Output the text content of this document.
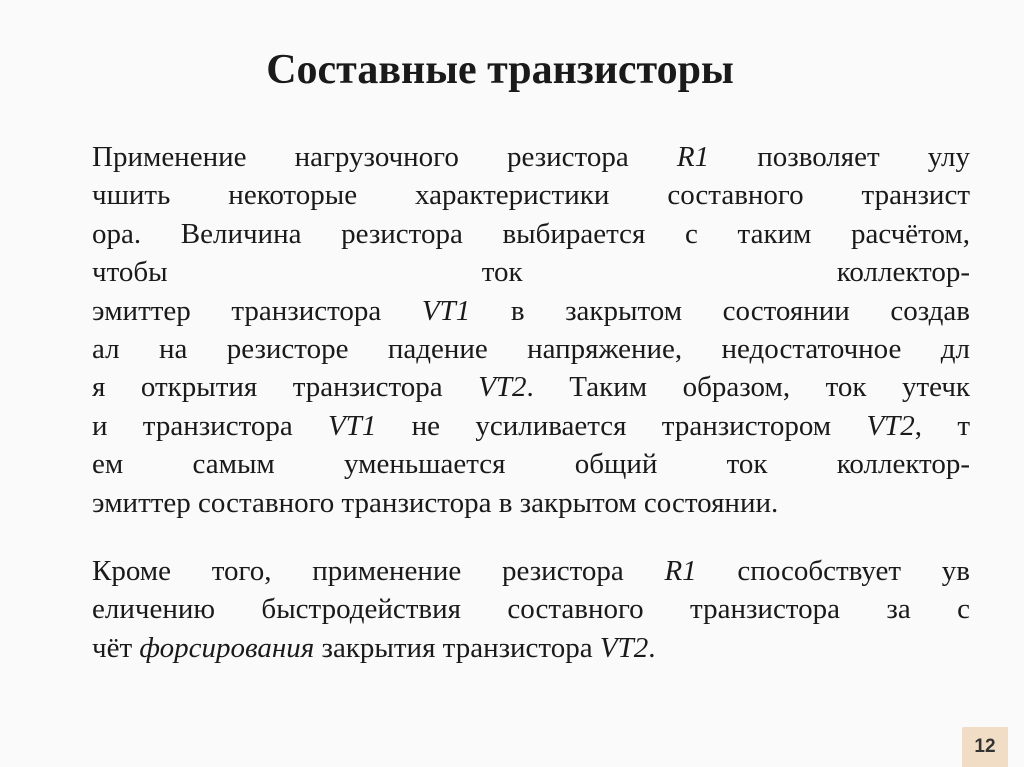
Составные транзисторы
Применение нагрузочного резистора R1 позволяет улу
чшить некоторые характеристики составного транзист
ора. Величина резистора выбирается с таким расчётом,
чтобы ток коллектор-
эмиттер транзистора VT1 в закрытом состоянии создав
ал на резисторе падение напряжение, недостаточное дл
я открытия транзистора VT2. Таким образом, ток утечк
и транзистора VT1 не усиливается транзистором VT2, т
ем самым уменьшается общий ток коллектор-
эмиттер составного транзистора в закрытом состоянии.
Кроме того, применение резистора R1 способствует ув
еличению быстродействия составного транзистора за с
чёт форсирования закрытия транзистора VT2.
12
